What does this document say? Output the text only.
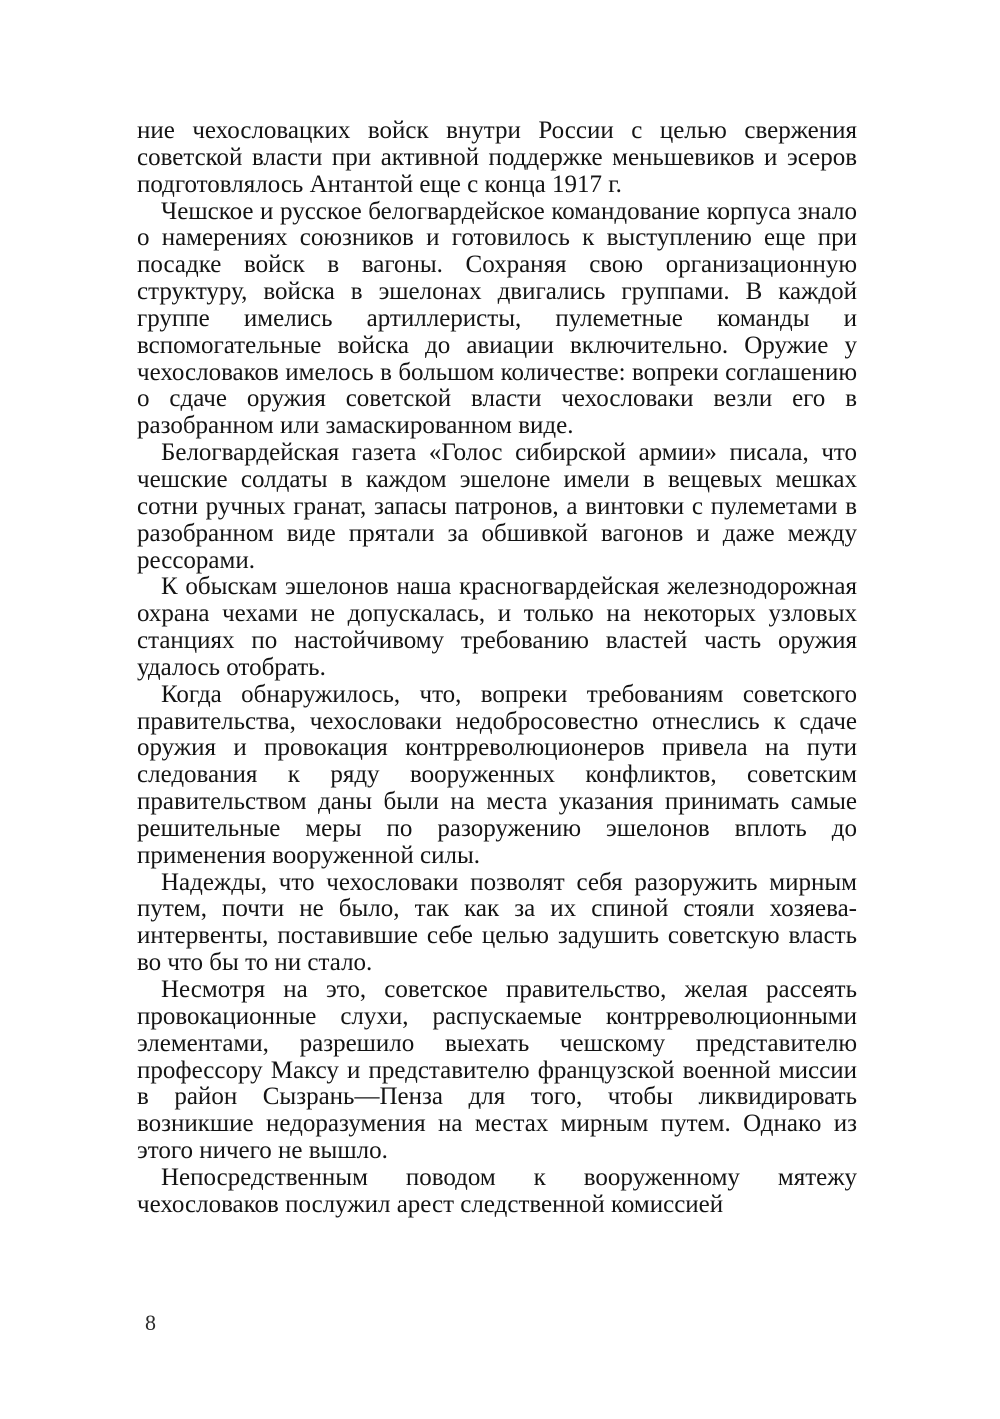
ние чехословацких войск внутри России с целью свержения советской власти при активной поддержке меньшевиков и эсеров подготовлялось Антантой еще с конца 1917 г.

Чешское и русское белогвардейское командование корпуса знало о намерениях союзников и готовилось к выступлению еще при посадке войск в вагоны. Сохраняя свою организационную структуру, войска в эшелонах двигались группами. В каждой группе имелись артиллеристы, пулеметные команды и вспомогательные войска до авиации включительно. Оружие у чехословаков имелось в большом количестве: вопреки соглашению о сдаче оружия советской власти чехословаки везли его в разобранном или замаскированном виде.

Белогвардейская газета «Голос сибирской армии» писала, что чешские солдаты в каждом эшелоне имели в вещевых мешках сотни ручных гранат, запасы патронов, а винтовки с пулеметами в разобранном виде прятали за обшивкой вагонов и даже между рессорами.

К обыскам эшелонов наша красногвардейская железнодорожная охрана чехами не допускалась, и только на некоторых узловых станциях по настойчивому требованию властей часть оружия удалось отобрать.

Когда обнаружилось, что, вопреки требованиям советского правительства, чехословаки недобросовестно отнеслись к сдаче оружия и провокация контрреволюционеров привела на пути следования к ряду вооруженных конфликтов, советским правительством даны были на места указания принимать самые решительные меры по разоружению эшелонов вплоть до применения вооруженной силы.

Надежды, что чехословаки позволят себя разоружить мирным путем, почти не было, так как за их спиной стояли хозяева-интервенты, поставившие себе целью задушить советскую власть во что бы то ни стало.

Несмотря на это, советское правительство, желая рассеять провокационные слухи, распускаемые контрреволюционными элементами, разрешило выехать чешскому представителю профессору Максу и представителю французской военной миссии в район Сызрань—Пенза для того, чтобы ликвидировать возникшие недоразумения на местах мирным путем. Однако из этого ничего не вышло.

Непосредственным поводом к вооруженному мятежу чехословаков послужил арест следственной комиссией

8
